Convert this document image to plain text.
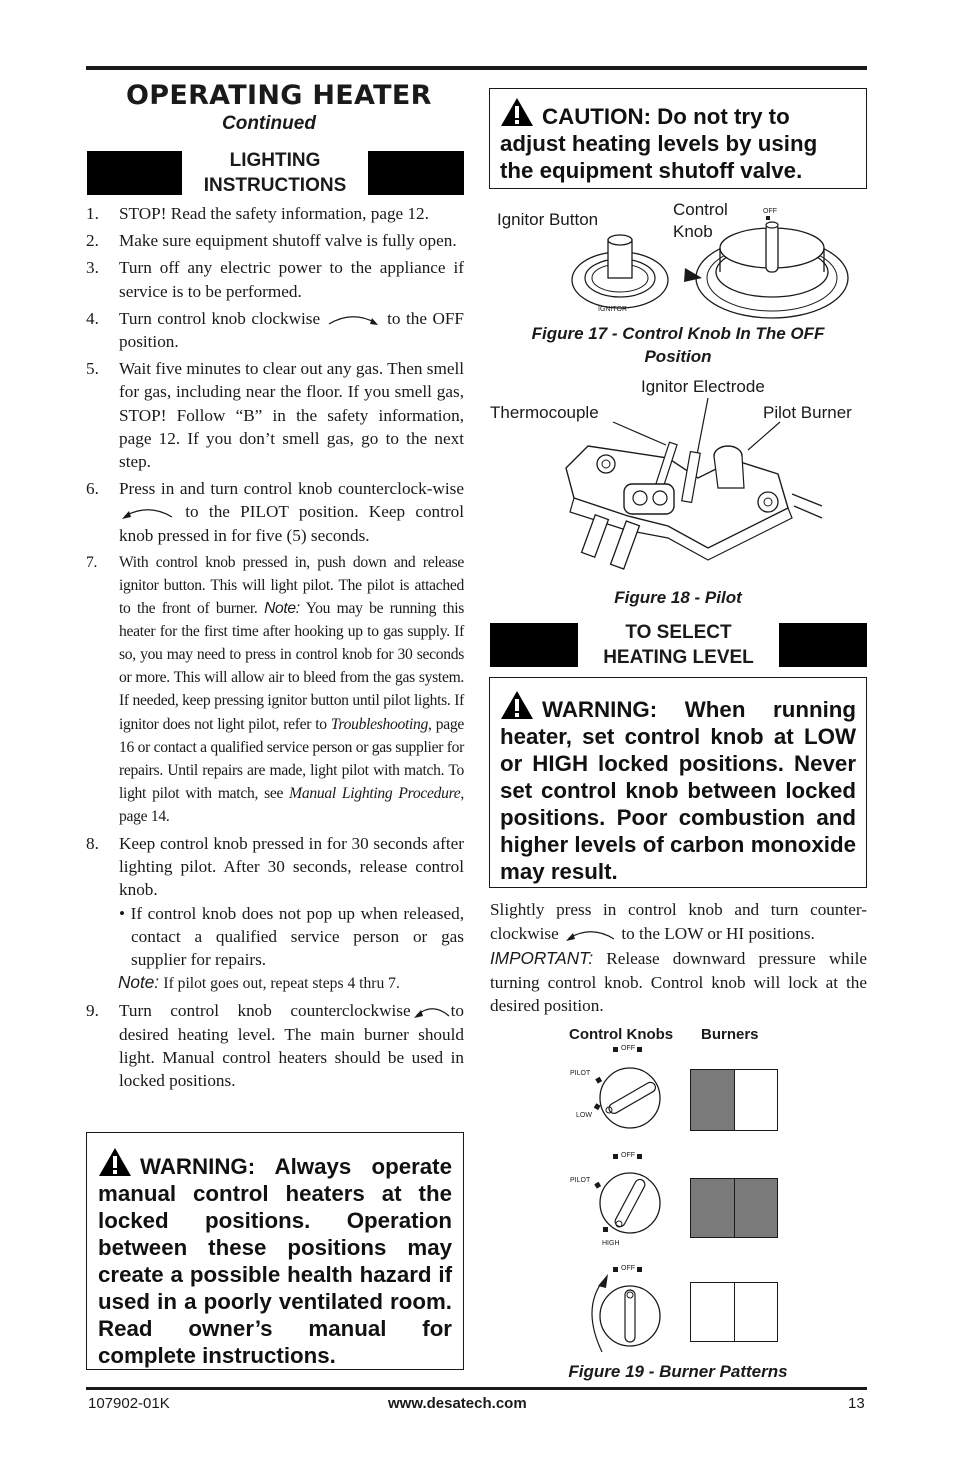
OPERATING HEATER
Continued
LIGHTING
INSTRUCTIONS
1. STOP! Read the safety information, page 12.
2. Make sure equipment shutoff valve is fully open.
3. Turn off any electric power to the appliance if service is to be performed.
4. Turn control knob clockwise	to the OFF position.
5. Wait five minutes to clear out any gas. Then smell for gas, including near the floor. If you smell gas, STOP! Follow “B” in the safety information, page 12. If you don’t smell gas, go to the next step.
6. Press in and turn control knob counterclock-wise  to the PILOT position. Keep control knob pressed in for five (5) seconds.
7. With control knob pressed in, push down and release ignitor button. This will light pilot. The pilot is attached to the front of burner. Note: You may be running this heater for the first time after hooking up to gas supply. If so, you may need to press in control knob for 30 seconds or more. This will allow air to bleed from the gas system. If needed, keep pressing ignitor button until pilot lights. If ignitor does not light pilot, refer to Troubleshooting, page 16 or contact a qualified service person or gas supplier for repairs. Until repairs are made, light pilot with match. To light pilot with match, see Manual Lighting Procedure, page 14.
8. Keep control knob pressed in for 30 seconds after lighting pilot. After 30 seconds, release control knob.
• If control knob does not pop up when released, contact a qualified service person or gas supplier for repairs.
Note: If pilot goes out, repeat steps 4 thru 7.
9. Turn control knob counterclockwise to desired heating level. The main burner should light. Manual control heaters should be used in locked positions.

WARNING: Always operate manual control heaters at the locked positions. Operation between these positions may create a possible health hazard if used in a poorly ventilated room. Read owner’s manual for complete instructions.

CAUTION: Do not try to adjust heating levels by using the equipment shutoff valve.

Ignitor Button
Control
Knob
OFF
IGNITOR
Figure 17 - Control Knob In The OFF
Position
Ignitor Electrode
Thermocouple	Pilot Burner
Figure 18 - Pilot
TO SELECT
HEATING LEVEL

WARNING: When running heater, set control knob at LOW or HIGH locked positions. Never set control knob between locked positions. Poor combustion and higher levels of carbon monoxide may result.

Slightly press in control knob and turn counter-clockwise	to the LOW or HI positions.
IMPORTANT: Release downward pressure while turning control knob. Control knob will lock at the desired position.
Control Knobs Burners
OFF
PILOT
LOW
OFF
PILOT
HIGH
OFF
Figure 19 - Burner Patterns
107902-01K	www.desatech.com	13
